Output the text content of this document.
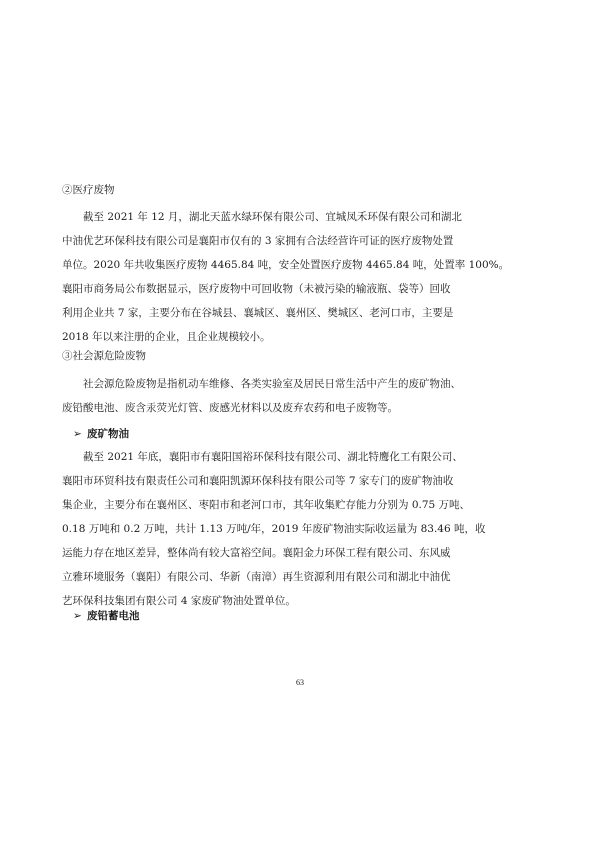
②医疗废物
截至 2021 年 12 月，湖北天蓝水绿环保有限公司、宜城凤禾环保有限公司和湖北
中油优艺环保科技有限公司是襄阳市仅有的 3 家拥有合法经营许可证的医疗废物处置
单位。2020 年共收集医疗废物 4465.84 吨，安全处置医疗废物 4465.84 吨，处置率 100%。
襄阳市商务局公布数据显示，医疗废物中可回收物（未被污染的输液瓶、袋等）回收
利用企业共 7 家，主要分布在谷城县、襄城区、襄州区、樊城区、老河口市，主要是
2018 年以来注册的企业，且企业规模较小。
③社会源危险废物
社会源危险废物是指机动车维修、各类实验室及居民日常生活中产生的废矿物油、
废铅酸电池、废含汞荧光灯管、废感光材料以及废弃农药和电子废物等。
➢ 废矿物油
截至 2021 年底，襄阳市有襄阳国裕环保科技有限公司、湖北特鹰化工有限公司、
襄阳市环贸科技有限责任公司和襄阳凯源环保科技有限公司等 7 家专门的废矿物油收
集企业，主要分布在襄州区、枣阳市和老河口市，其年收集贮存能力分别为 0.75 万吨、
0.18 万吨和 0.2 万吨，共计 1.13 万吨/年，2019 年废矿物油实际收运量为 83.46 吨，收
运能力存在地区差异，整体尚有较大富裕空间。襄阳金力环保工程有限公司、东风威
立雅环境服务（襄阳）有限公司、华新（南漳）再生资源利用有限公司和湖北中油优
艺环保科技集团有限公司 4 家废矿物油处置单位。
➢ 废铅蓄电池
63
